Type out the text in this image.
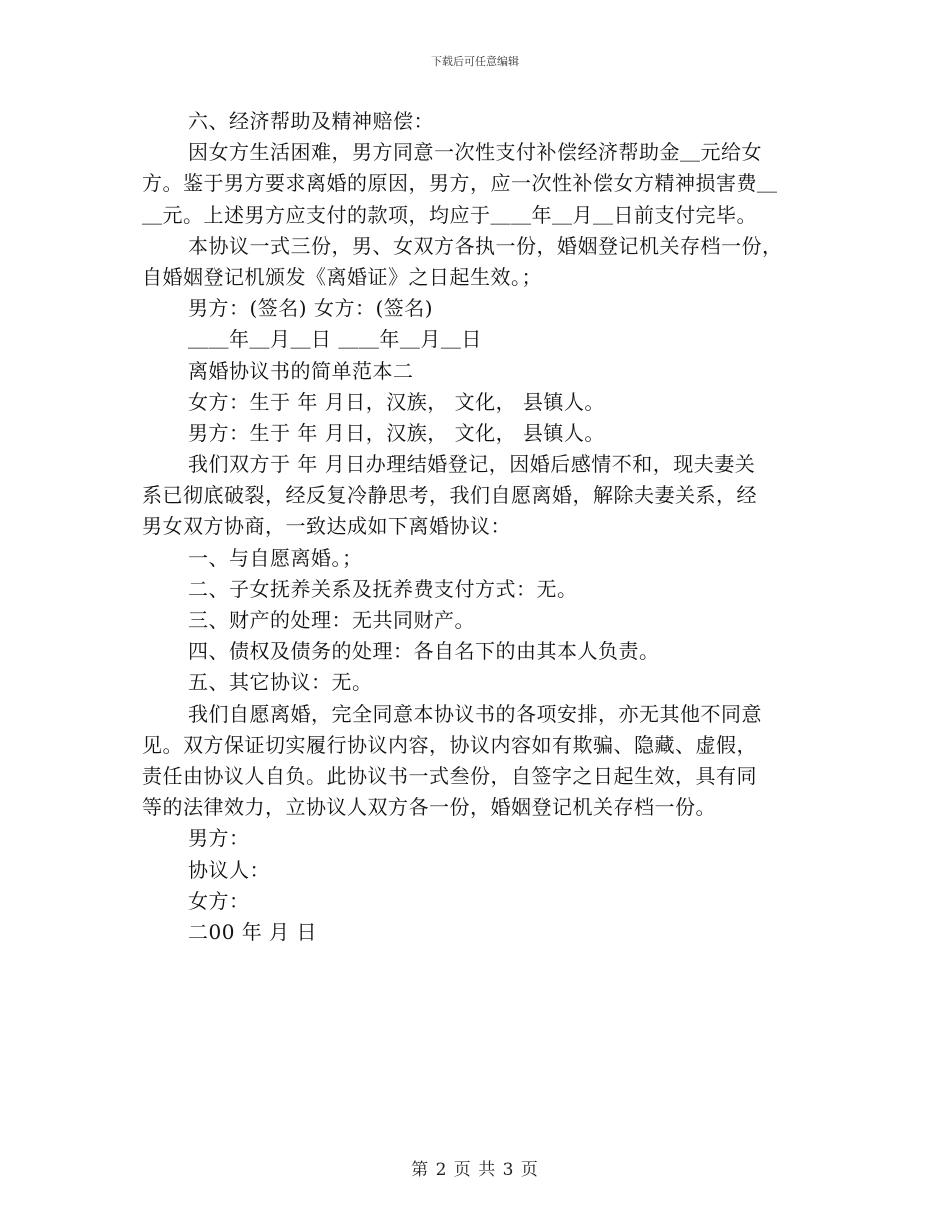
下载后可任意编辑
六、经济帮助及精神赔偿：
因女方生活困难，男方同意一次性支付补偿经济帮助金＿元给女
方。鉴于男方要求离婚的原因，男方，应一次性补偿女方精神损害费＿
＿元。上述男方应支付的款项，均应于＿＿年＿月＿日前支付完毕。
本协议一式三份，男、女双方各执一份，婚姻登记机关存档一份，
自婚姻登记机颁发《离婚证》之日起生效。；
男方：(签名) 女方：(签名)
＿＿年＿月＿日 ＿＿年＿月＿日
离婚协议书的简单范本二
女方：生于 年 月日，汉族， 文化， 县镇人。
男方：生于 年 月日，汉族， 文化， 县镇人。
我们双方于 年 月日办理结婚登记，因婚后感情不和，现夫妻关
系已彻底破裂，经反复冷静思考，我们自愿离婚，解除夫妻关系，经
男女双方协商，一致达成如下离婚协议：
一、与自愿离婚。；
二、子女抚养关系及抚养费支付方式：无。
三、财产的处理：无共同财产。
四、债权及债务的处理：各自名下的由其本人负责。
五、其它协议：无。
我们自愿离婚，完全同意本协议书的各项安排，亦无其他不同意
见。双方保证切实履行协议内容，协议内容如有欺骗、隐藏、虚假，
责任由协议人自负。此协议书一式叁份，自签字之日起生效，具有同
等的法律效力，立协议人双方各一份，婚姻登记机关存档一份。
男方：
协议人：
女方：
二00 年 月 日
第 2 页 共 3 页
